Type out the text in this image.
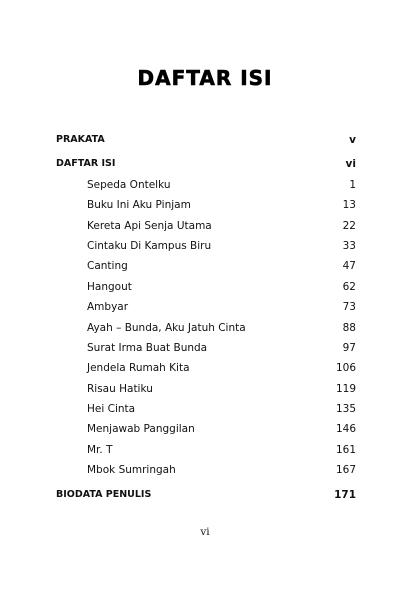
DAFTAR ISI
PRAKATA	v
DAFTAR ISI	vi
Sepeda Ontelku	1
Buku Ini Aku Pinjam	13
Kereta Api Senja Utama	22
Cintaku Di Kampus Biru	33
Canting	47
Hangout	62
Ambyar	73
Ayah – Bunda, Aku Jatuh Cinta	88
Surat Irma Buat Bunda	97
Jendela Rumah Kita	106
Risau Hatiku	119
Hei Cinta	135
Menjawab Panggilan	146
Mr. T	161
Mbok Sumringah	167
BIODATA PENULIS	171
vi
